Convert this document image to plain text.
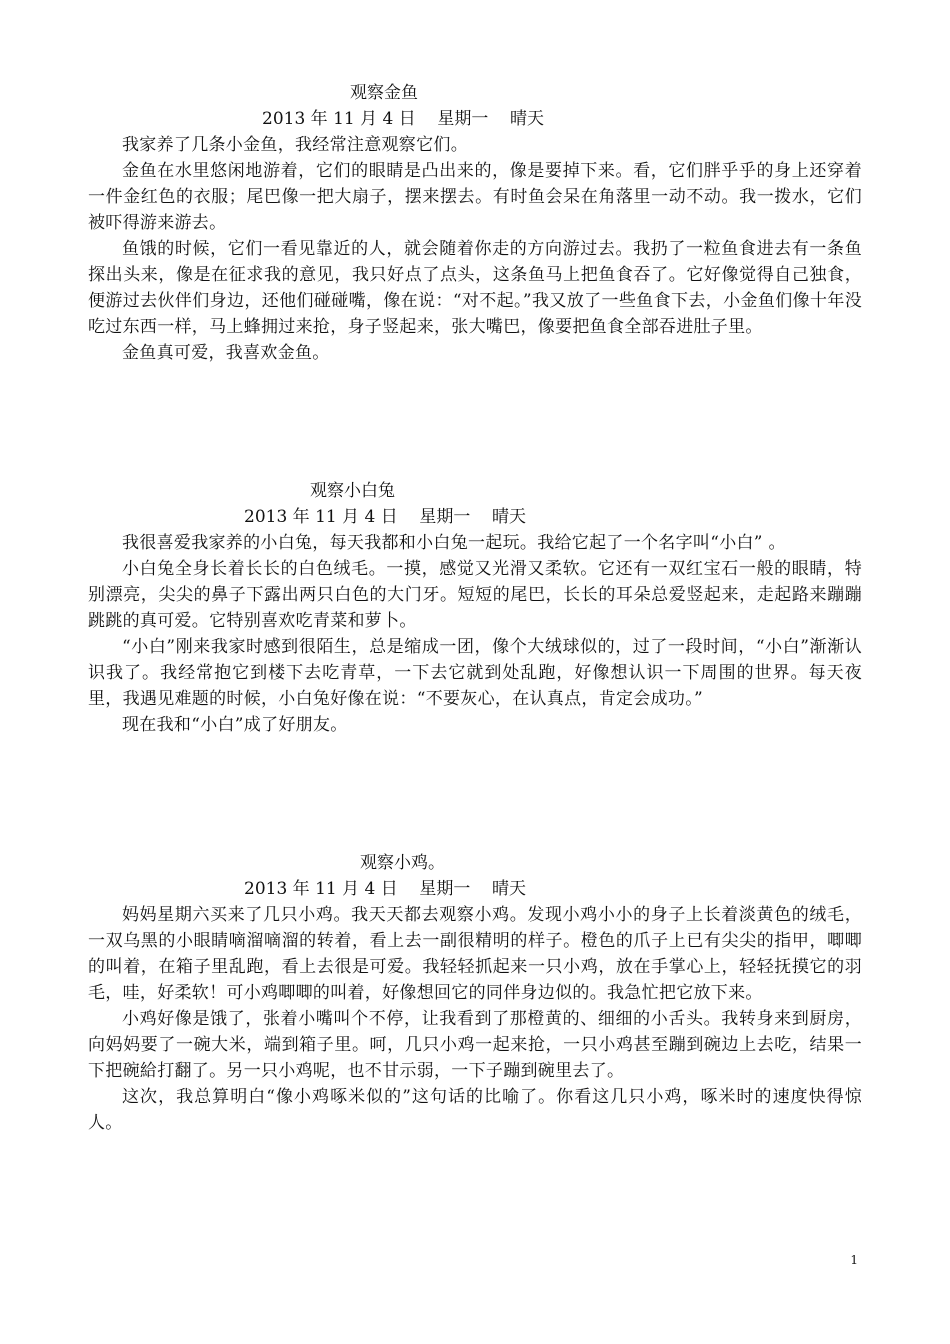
观察金鱼
2013 年 11 月 4 日    星期一    晴天

我家养了几条小金鱼，我经常注意观察它们。

金鱼在水里悠闲地游着，它们的眼睛是凸出来的，像是要掉下来。看，它们胖乎乎的身上还穿着一件金红色的衣服；尾巴像一把大扇子，摆来摆去。有时鱼会呆在角落里一动不动。我一拨水，它们被吓得游来游去。

鱼饿的时候，它们一看见靠近的人，就会随着你走的方向游过去。我扔了一粒鱼食进去有一条鱼探出头来，像是在征求我的意见，我只好点了点头，这条鱼马上把鱼食吞了。它好像觉得自己独食，便游过去伙伴们身边，还他们碰碰嘴，像在说：“对不起。”我又放了一些鱼食下去，小金鱼们像十年没吃过东西一样，马上蜂拥过来抢，身子竖起来，张大嘴巴，像要把鱼食全部吞进肚子里。

金鱼真可爱，我喜欢金鱼。

观察小白兔
2013 年 11 月 4 日    星期一    晴天

我很喜爱我家养的小白兔，每天我都和小白兔一起玩。我给它起了一个名字叫“小白” 。

小白兔全身长着长长的白色绒毛。一摸，感觉又光滑又柔软。它还有一双红宝石一般的眼睛，特别漂亮，尖尖的鼻子下露出两只白色的大门牙。短短的尾巴，长长的耳朵总爱竖起来，走起路来蹦蹦跳跳的真可爱。它特别喜欢吃青菜和萝卜。

“小白”刚来我家时感到很陌生，总是缩成一团，像个大绒球似的，过了一段时间，“小白”渐渐认识我了。我经常抱它到楼下去吃青草，一下去它就到处乱跑，好像想认识一下周围的世界。每天夜里，我遇见难题的时候，小白兔好像在说：“不要灰心，在认真点，肯定会成功。”

现在我和“小白”成了好朋友。

观察小鸡。
2013 年 11 月 4 日    星期一    晴天

妈妈星期六买来了几只小鸡。我天天都去观察小鸡。发现小鸡小小的身子上长着淡黄色的绒毛，一双乌黑的小眼睛嘀溜嘀溜的转着，看上去一副很精明的样子。橙色的爪子上已有尖尖的指甲，唧唧的叫着，在箱子里乱跑，看上去很是可爱。我轻轻抓起来一只小鸡，放在手掌心上，轻轻抚摸它的羽毛，哇，好柔软！可小鸡唧唧的叫着，好像想回它的同伴身边似的。我急忙把它放下来。

小鸡好像是饿了，张着小嘴叫个不停，让我看到了那橙黄的、细细的小舌头。我转身来到厨房，向妈妈要了一碗大米，端到箱子里。呵，几只小鸡一起来抢，一只小鸡甚至蹦到碗边上去吃，结果一下把碗給打翻了。另一只小鸡呢，也不甘示弱，一下子蹦到碗里去了。

这次，我总算明白“像小鸡啄米似的”这句话的比喻了。你看这几只小鸡，啄米时的速度快得惊人。

1
